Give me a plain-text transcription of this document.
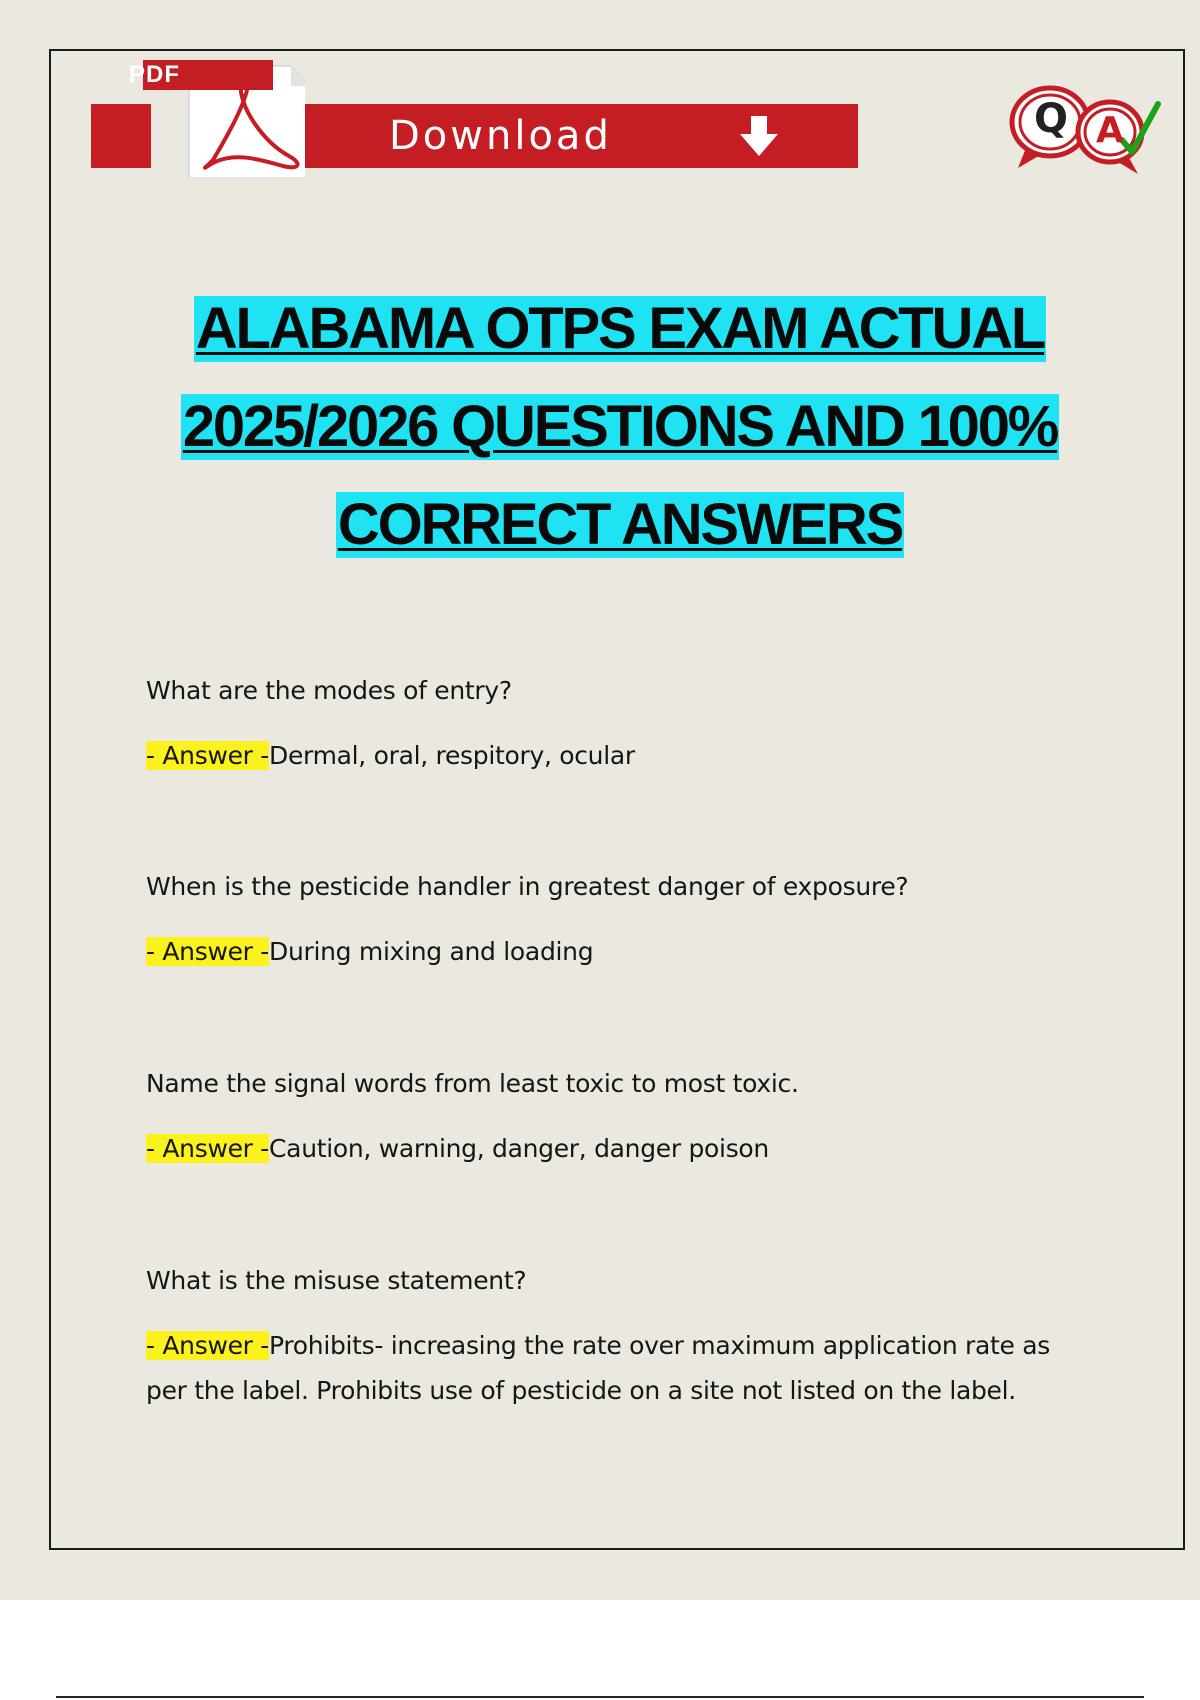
Download
PDF
Q A
ALABAMA OTPS EXAM ACTUAL
2025/2026 QUESTIONS AND 100%
CORRECT ANSWERS
What are the modes of entry?
- Answer -Dermal, oral, respitory, ocular
When is the pesticide handler in greatest danger of exposure?
- Answer -During mixing and loading
Name the signal words from least toxic to most toxic.
- Answer -Caution, warning, danger, danger poison
What is the misuse statement?
- Answer -Prohibits- increasing the rate over maximum application rate as per the label. Prohibits use of pesticide on a site not listed on the label.
